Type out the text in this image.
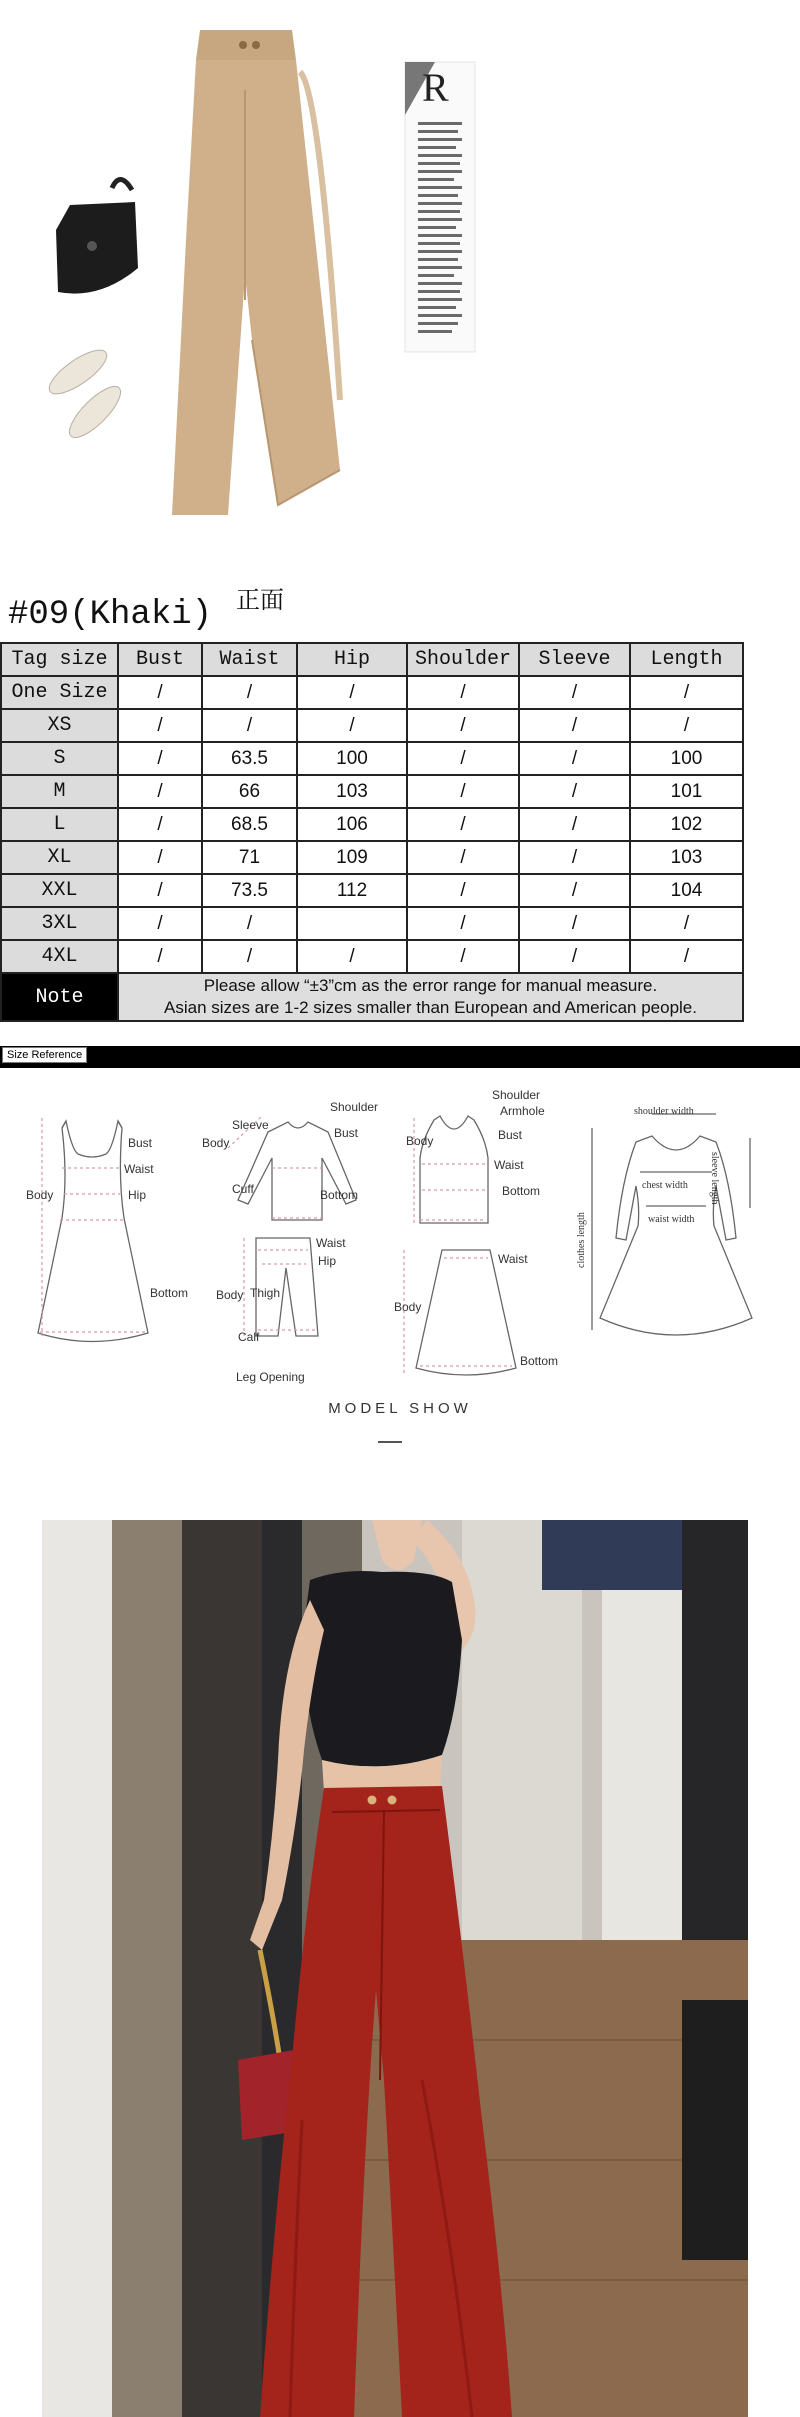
R
#09(Khaki) 正面
Tag size	Bust	Waist	Hip	Shoulder	Sleeve	Length
One Size	/	/	/	/	/	/
XS	/	/	/	/	/	/
S	/	63.5	100	/	/	100
M	/	66	103	/	/	101
L	/	68.5	106	/	/	102
XL	/	71	109	/	/	103
XXL	/	73.5	112	/	/	104
3XL	/	/		/	/	/
4XL	/	/	/	/	/	/
Note	Please allow “±3”cm as the error range for manual measure.
Asian sizes are 1-2 sizes smaller than European and American people.					
Size Reference
Bust
Waist
Hip
Body
Bottom
Shoulder
Sleeve
Bust
Body
Cuff	Bottom
Shoulder
Armhole
Bust
Body
Waist
Bottom
Waist
Hip
Body Thigh
Calf
Leg Opening
Waist
Body
Bottom
shoulder width
chest width
waist width
sleeve length
clothes length
MODEL SHOW
